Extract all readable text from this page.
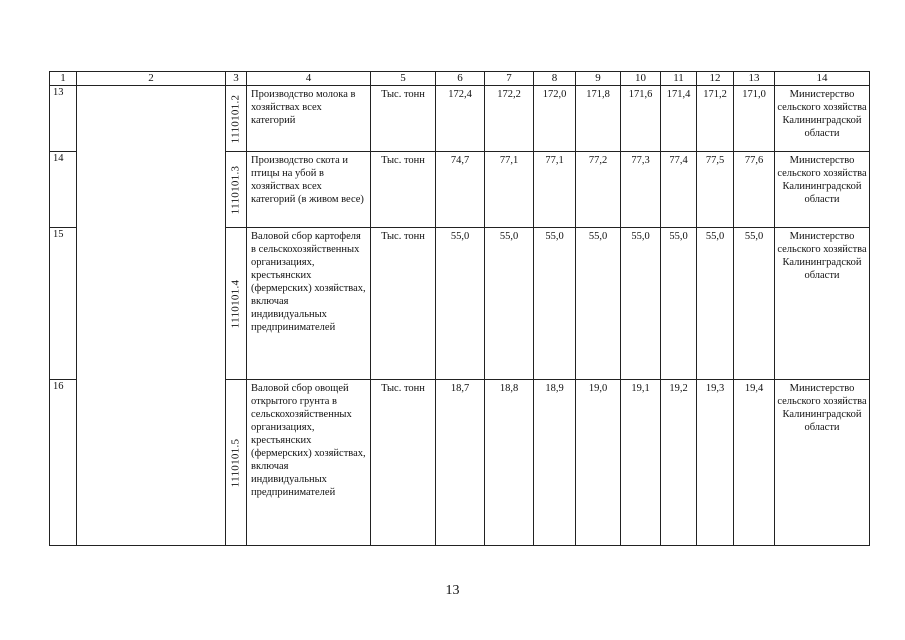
1	2	3	4	5	6	7	8	9	10	11	12	13	14
13		1110101.2	Производство молока в хозяйствах всех категорий	Тыс. тонн	172,4	172,2	172,0	171,8	171,6	171,4	171,2	171,0	Министерство сельского хозяйства Калининградской области
14		1110101.3	Производство скота и птицы на убой в хозяйствах всех категорий (в живом весе)	Тыс. тонн	74,7	77,1	77,1	77,2	77,3	77,4	77,5	77,6	Министерство сельского хозяйства Калининградской области
15		1110101.4	Валовой сбор картофеля в сельскохозяйственных организациях, крестьянских (фермерских) хозяйствах, включая индивидуальных предпринимателей	Тыс. тонн	55,0	55,0	55,0	55,0	55,0	55,0	55,0	55,0	Министерство сельского хозяйства Калининградской области
16		1110101.5	Валовой сбор овощей открытого грунта в сельскохозяйственных организациях, крестьянских (фермерских) хозяйствах, включая индивидуальных предпринимателей	Тыс. тонн	18,7	18,8	18,9	19,0	19,1	19,2	19,3	19,4	Министерство сельского хозяйства Калининградской области
13
